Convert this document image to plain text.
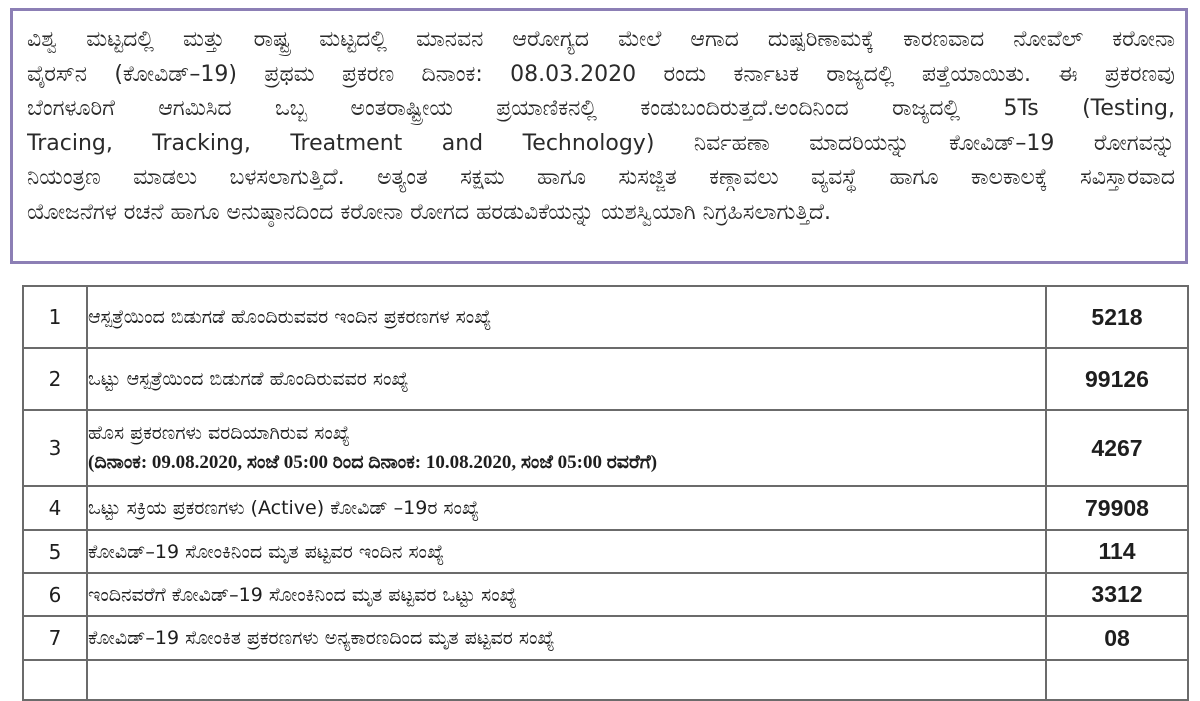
ವಿಶ್ವ ಮಟ್ಟದಲ್ಲಿ ಮತ್ತು ರಾಷ್ಟ್ರ ಮಟ್ಟದಲ್ಲಿ ಮಾನವನ ಆರೋಗ್ಯದ ಮೇಲೆ ಆಗಾದ ದುಷ್ಪರಿಣಾಮಕ್ಕೆ ಕಾರಣವಾದ ನೋವೆಲ್ ಕರೋನಾ
ವೈರಸ್‌ನ (ಕೋವಿಡ್–19) ಪ್ರಥಮ ಪ್ರಕರಣ ದಿನಾಂಕ: 08.03.2020 ರಂದು ಕರ್ನಾಟಕ ರಾಜ್ಯದಲ್ಲಿ ಪತ್ತೆಯಾಯಿತು. ಈ ಪ್ರಕರಣವು
ಬೆಂಗಳೂರಿಗೆ ಆಗಮಿಸಿದ ಒಬ್ಬ ಅಂತರಾಷ್ಟ್ರೀಯ ಪ್ರಯಾಣಿಕನಲ್ಲಿ ಕಂಡುಬಂದಿರುತ್ತದೆ.ಅಂದಿನಿಂದ ರಾಜ್ಯದಲ್ಲಿ 5Ts (Testing,
Tracing, Tracking, Treatment and Technology) ನಿರ್ವಹಣಾ ಮಾದರಿಯನ್ನು ಕೋವಿಡ್–19 ರೋಗವನ್ನು
ನಿಯಂತ್ರಣ ಮಾಡಲು ಬಳಸಲಾಗುತ್ತಿದೆ. ಅತ್ಯಂತ ಸಕ್ಷಮ ಹಾಗೂ ಸುಸಜ್ಜಿತ ಕಣ್ಗಾವಲು ವ್ಯವಸ್ಥೆ ಹಾಗೂ ಕಾಲಕಾಲಕ್ಕೆ ಸವಿಸ್ತಾರವಾದ
ಯೋಜನೆಗಳ ರಚನೆ ಹಾಗೂ ಅನುಷ್ಠಾನದಿಂದ ಕರೋನಾ ರೋಗದ ಹರಡುವಿಕೆಯನ್ನು ಯಶಸ್ವಿಯಾಗಿ ನಿಗ್ರಹಿಸಲಾಗುತ್ತಿದೆ.
1	ಆಸ್ಪತ್ರೆಯಿಂದ ಬಿಡುಗಡೆ ಹೊಂದಿರುವವರ ಇಂದಿನ ಪ್ರಕರಣಗಳ ಸಂಖ್ಯೆ	5218
2	ಒಟ್ಟು ಆಸ್ಪತ್ರೆಯಿಂದ ಬಿಡುಗಡೆ ಹೊಂದಿರುವವರ ಸಂಖ್ಯೆ	99126
3	ಹೊಸ ಪ್ರಕರಣಗಳು ವರದಿಯಾಗಿರುವ ಸಂಖ್ಯೆ
(ದಿನಾಂಕ: 09.08.2020, ಸಂಜೆ 05:00 ರಿಂದ ದಿನಾಂಕ: 10.08.2020, ಸಂಜೆ 05:00 ರವರೆಗೆ)	4267
4	ಒಟ್ಟು ಸಕ್ರಿಯ ಪ್ರಕರಣಗಳು (Active) ಕೋವಿಡ್ –19ರ ಸಂಖ್ಯೆ	79908
5	ಕೋವಿಡ್–19 ಸೋಂಕಿನಿಂದ ಮೃತ ಪಟ್ಟವರ ಇಂದಿನ ಸಂಖ್ಯೆ	114
6	ಇಂದಿನವರೆಗೆ ಕೋವಿಡ್–19 ಸೋಂಕಿನಿಂದ ಮೃತ ಪಟ್ಟವರ ಒಟ್ಟು ಸಂಖ್ಯೆ	3312
7	ಕೋವಿಡ್–19 ಸೋಂಕಿತ ಪ್ರಕರಣಗಳು ಅನ್ಯಕಾರಣದಿಂದ ಮೃತ ಪಟ್ಟವರ ಸಂಖ್ಯೆ	08
